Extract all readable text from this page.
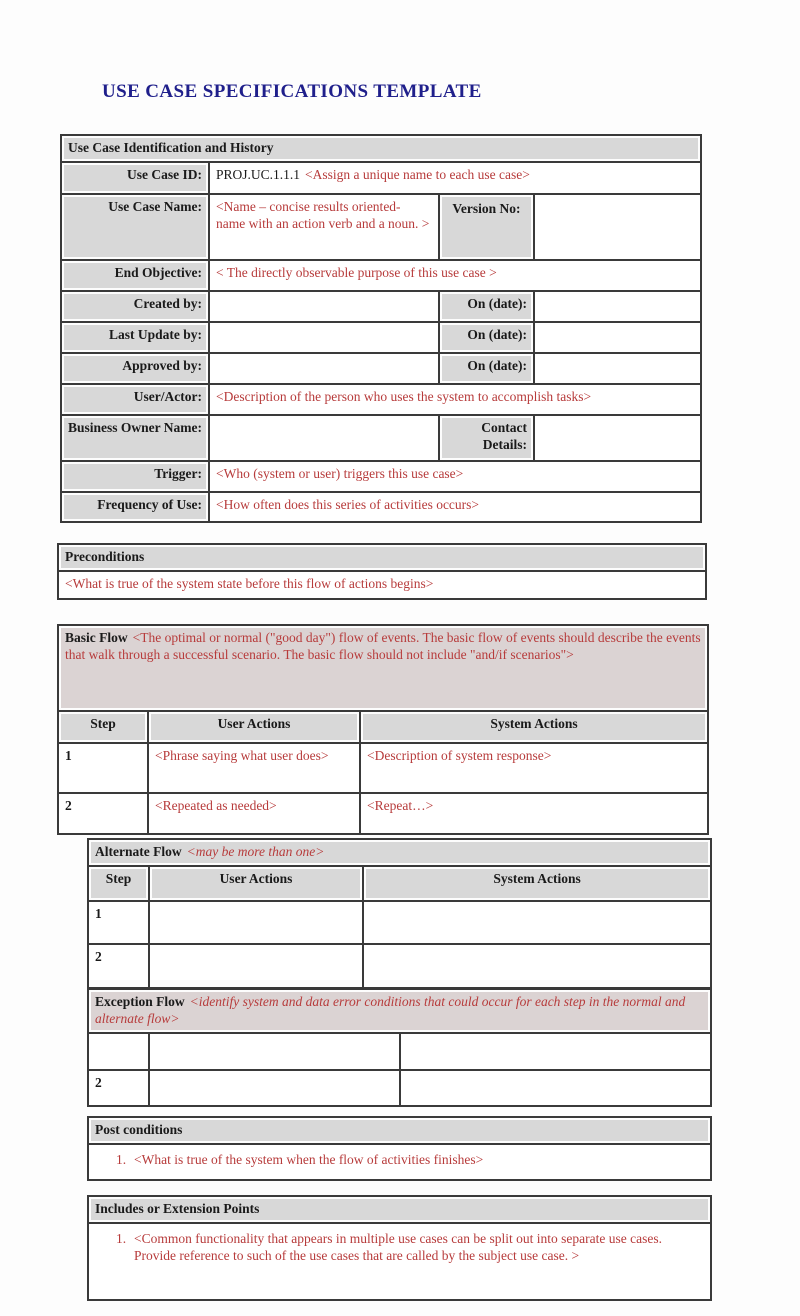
USE CASE SPECIFICATIONS TEMPLATE
Use Case Identification and History			
Use Case ID:	PROJ.UC.1.1.1 <Assign a unique name to each use case>		
Use Case Name:	<Name – concise results oriented- name with an action verb and a noun. >	Version No:	
End Objective:	< The directly observable purpose of this use case >		
Created by:		On (date):	
Last Update by:		On (date):	
Approved by:		On (date):	
User/Actor:	<Description of the person who uses the system to accomplish tasks>		
Business Owner Name:		Contact Details:	
Trigger:	<Who (system or user) triggers this use case>		
Frequency of Use:	<How often does this series of activities occurs>		
Preconditions
<What is true of the system state before this flow of actions begins>
Basic Flow <The optimal or normal ("good day") flow of events. The basic flow of events should describe the events that walk through a successful scenario. The basic flow should not include "and/if scenarios">		
Step	User Actions	System Actions
1	<Phrase saying what user does>	<Description of system response>
2	<Repeated as needed>	<Repeat…>
Alternate Flow <may be more than one>		
Step	User Actions	System Actions
1		
2		
Exception Flow <identify system and data error conditions that could occur for each step in the normal and alternate flow>		

2		
Post conditions

1. <What is true of the system when the flow of activities finishes>
Includes or Extension Points

1. <Common functionality that appears in multiple use cases can be split out into separate use cases. Provide reference to such of the use cases that are called by the subject use case. >
